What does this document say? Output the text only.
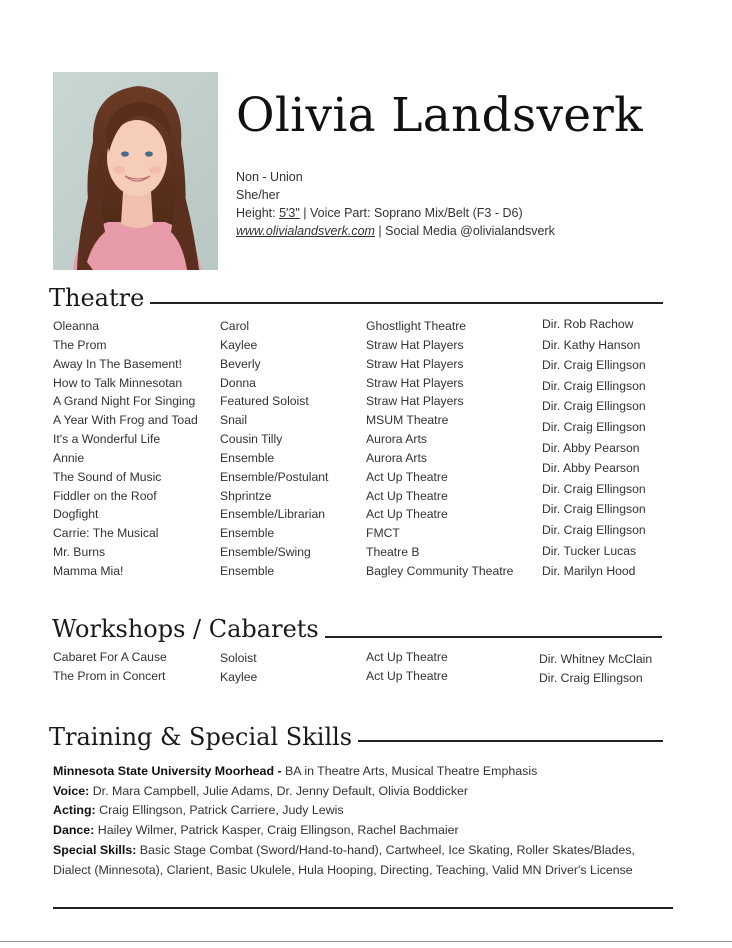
Olivia Landsverk
Non - Union
She/her
Height: 5'3" | Voice Part: Soprano Mix/Belt (F3 - D6)
www.olivialandsverk.com | Social Media @olivialandsverk
Theatre
Oleanna
The Prom
Away In The Basement!
How to Talk Minnesotan
A Grand Night For Singing
A Year With Frog and Toad
It's a Wonderful Life
Annie
The Sound of Music
Fiddler on the Roof
Dogfight
Carrie: The Musical
Mr. Burns
Mamma Mia!
Carol
Kaylee
Beverly
Donna
Featured Soloist
Snail
Cousin Tilly
Ensemble
Ensemble/Postulant
Shprintze
Ensemble/Librarian
Ensemble
Ensemble/Swing
Ensemble
Ghostlight Theatre
Straw Hat Players
Straw Hat Players
Straw Hat Players
Straw Hat Players
MSUM Theatre
Aurora Arts
Aurora Arts
Act Up Theatre
Act Up Theatre
Act Up Theatre
FMCT
Theatre B
Bagley Community Theatre
Dir. Rob Rachow
Dir. Kathy Hanson
Dir. Craig Ellingson
Dir. Craig Ellingson
Dir. Craig Ellingson
Dir. Craig Ellingson
Dir. Abby Pearson
Dir. Abby Pearson
Dir. Craig Ellingson
Dir. Craig Ellingson
Dir. Craig Ellingson
Dir. Tucker Lucas
Dir. Marilyn Hood
Workshops / Cabarets
Cabaret For A Cause
The Prom in Concert
Soloist
Kaylee
Act Up Theatre
Act Up Theatre
Dir. Whitney McClain
Dir. Craig Ellingson
Training & Special Skills
Minnesota State University Moorhead - BA in Theatre Arts, Musical Theatre Emphasis
Voice: Dr. Mara Campbell, Julie Adams, Dr. Jenny Default, Olivia Boddicker
Acting: Craig Ellingson, Patrick Carriere, Judy Lewis
Dance: Hailey Wilmer, Patrick Kasper, Craig Ellingson, Rachel Bachmaier
Special Skills: Basic Stage Combat (Sword/Hand-to-hand), Cartwheel, Ice Skating, Roller Skates/Blades, Dialect (Minnesota), Clarient, Basic Ukulele, Hula Hooping, Directing, Teaching, Valid MN Driver's License
